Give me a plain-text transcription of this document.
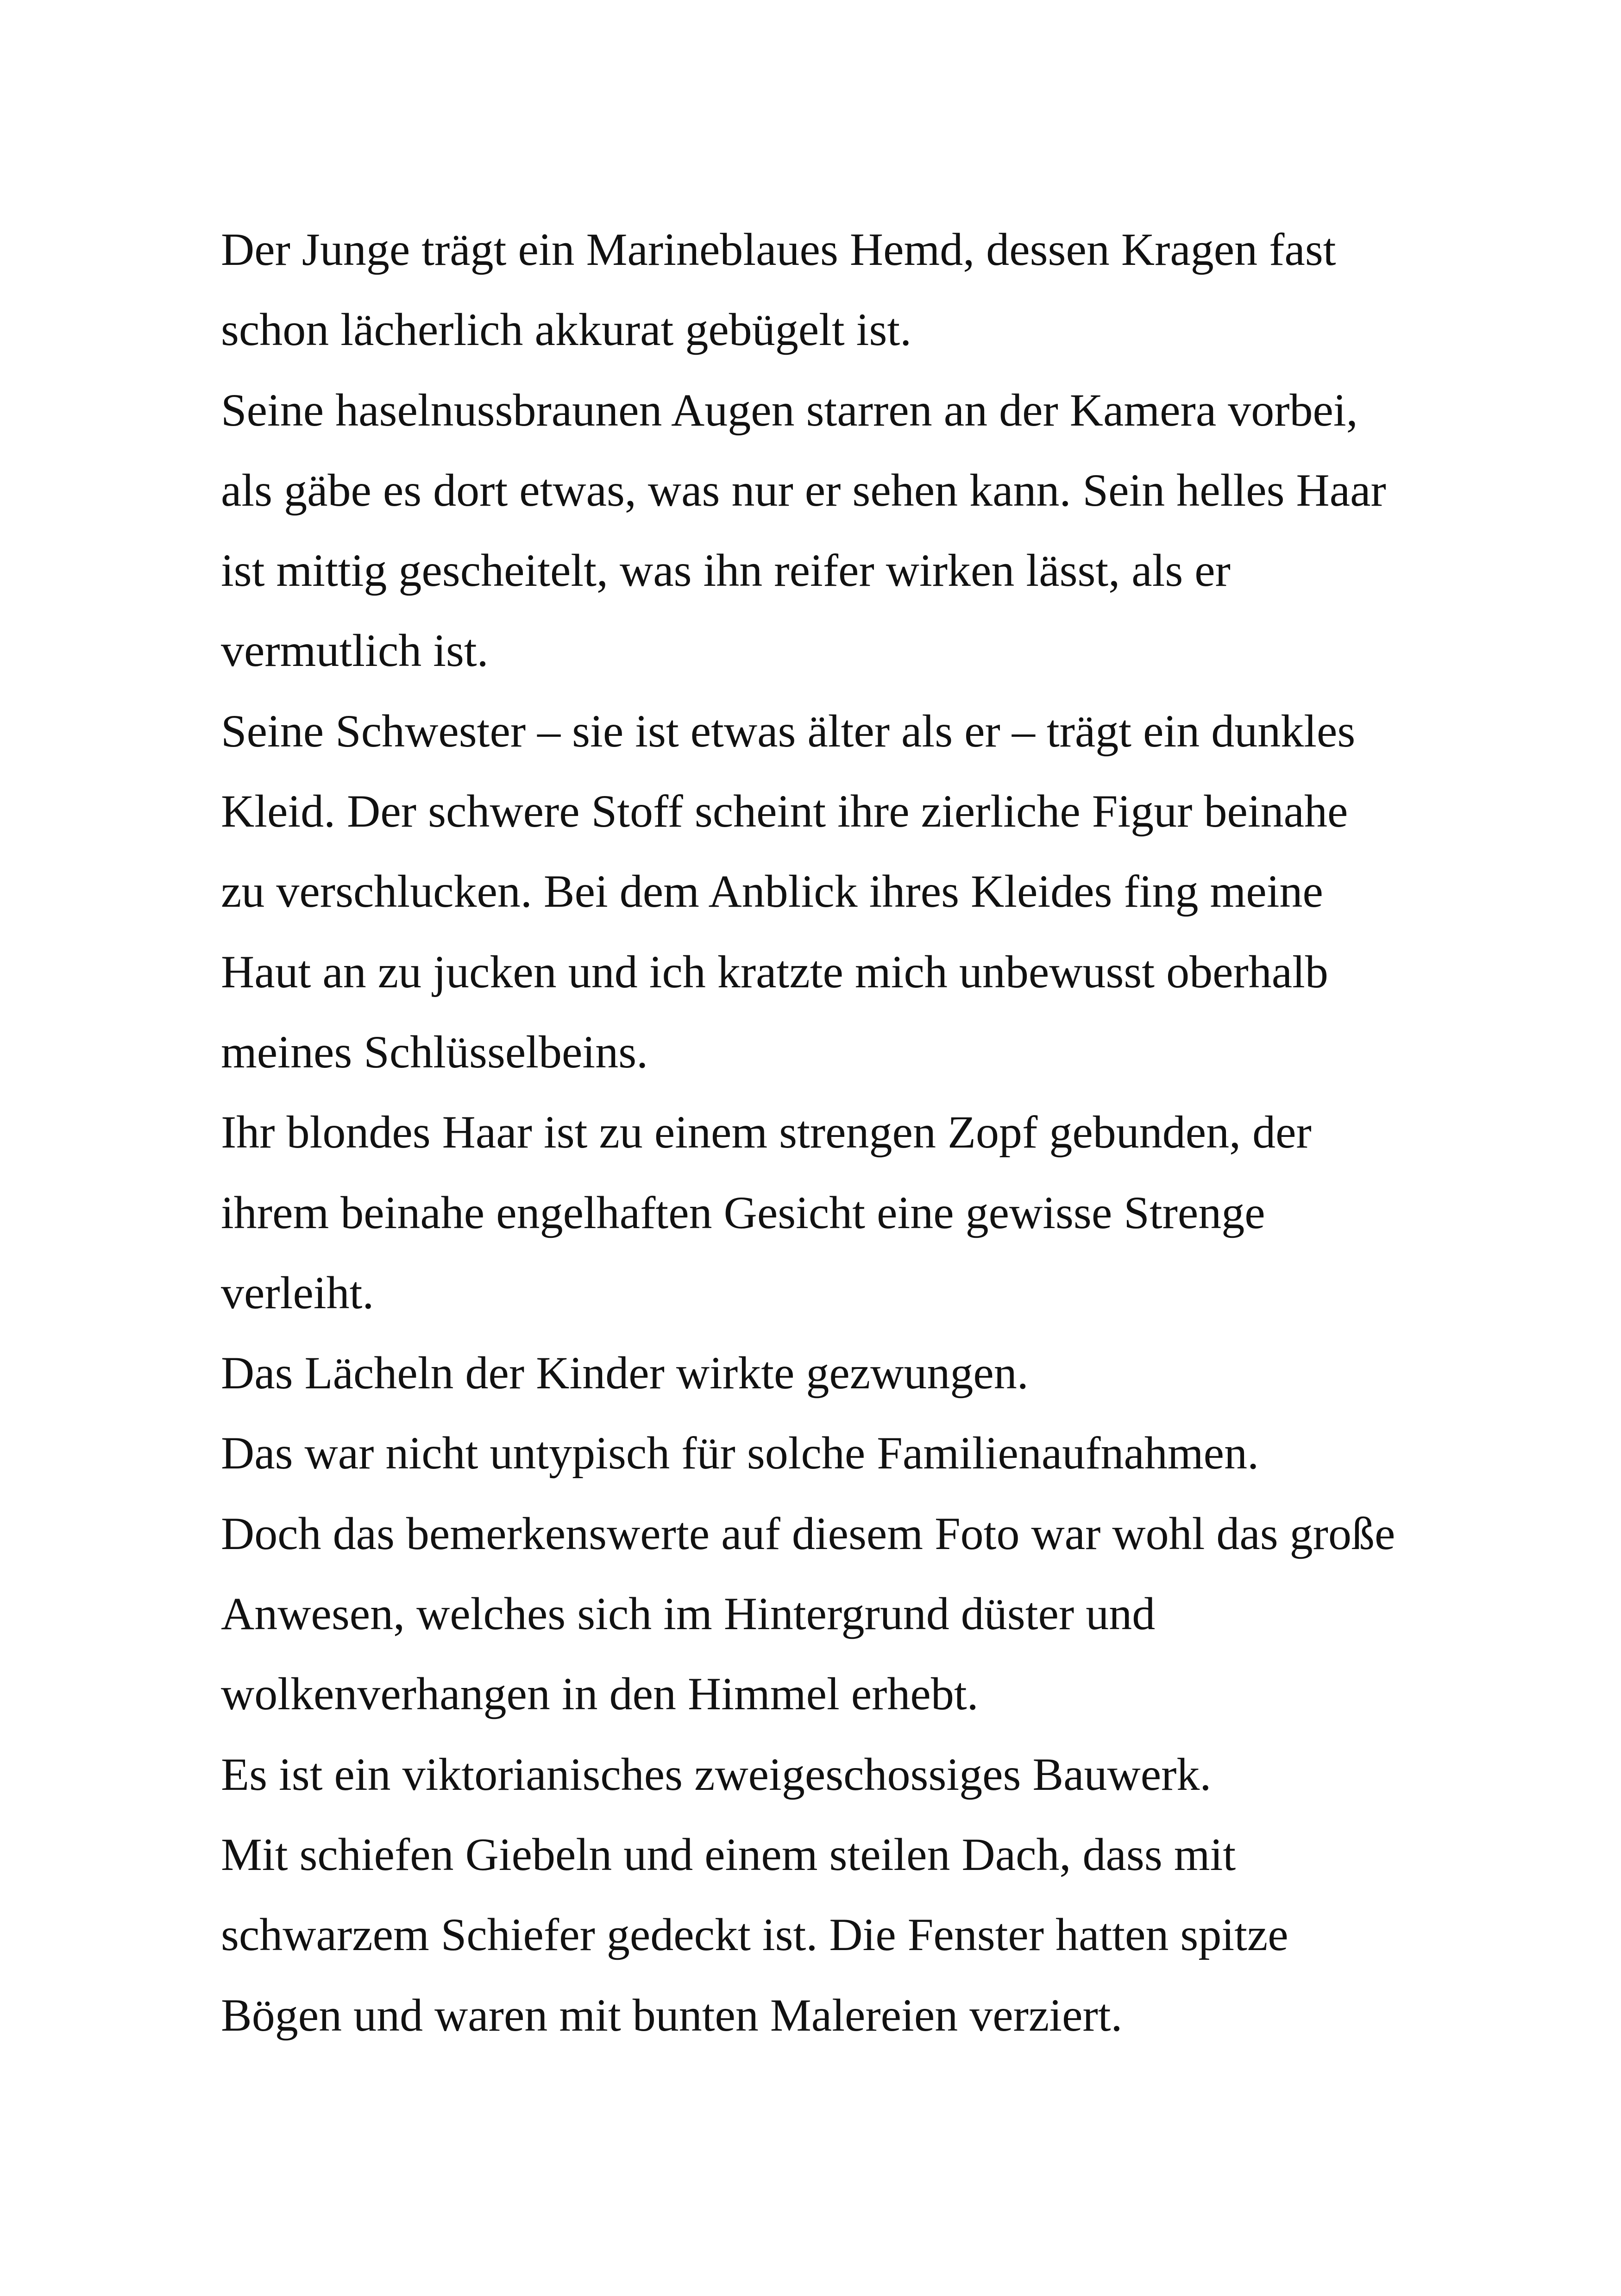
Der Junge trägt ein Marineblaues Hemd, dessen Kragen fast
schon lächerlich akkurat gebügelt ist.
Seine haselnussbraunen Augen starren an der Kamera vorbei,
als gäbe es dort etwas, was nur er sehen kann. Sein helles Haar
ist mittig gescheitelt, was ihn reifer wirken lässt, als er
vermutlich ist.
Seine Schwester – sie ist etwas älter als er – trägt ein dunkles
Kleid. Der schwere Stoff scheint ihre zierliche Figur beinahe
zu verschlucken. Bei dem Anblick ihres Kleides fing meine
Haut an zu jucken und ich kratzte mich unbewusst oberhalb
meines Schlüsselbeins.
Ihr blondes Haar ist zu einem strengen Zopf gebunden, der
ihrem beinahe engelhaften Gesicht eine gewisse Strenge
verleiht.
Das Lächeln der Kinder wirkte gezwungen.
Das war nicht untypisch für solche Familienaufnahmen.
Doch das bemerkenswerte auf diesem Foto war wohl das große
Anwesen, welches sich im Hintergrund düster und
wolkenverhangen in den Himmel erhebt.
Es ist ein viktorianisches zweigeschossiges Bauwerk.
Mit schiefen Giebeln und einem steilen Dach, dass mit
schwarzem Schiefer gedeckt ist. Die Fenster hatten spitze
Bögen und waren mit bunten Malereien verziert.
